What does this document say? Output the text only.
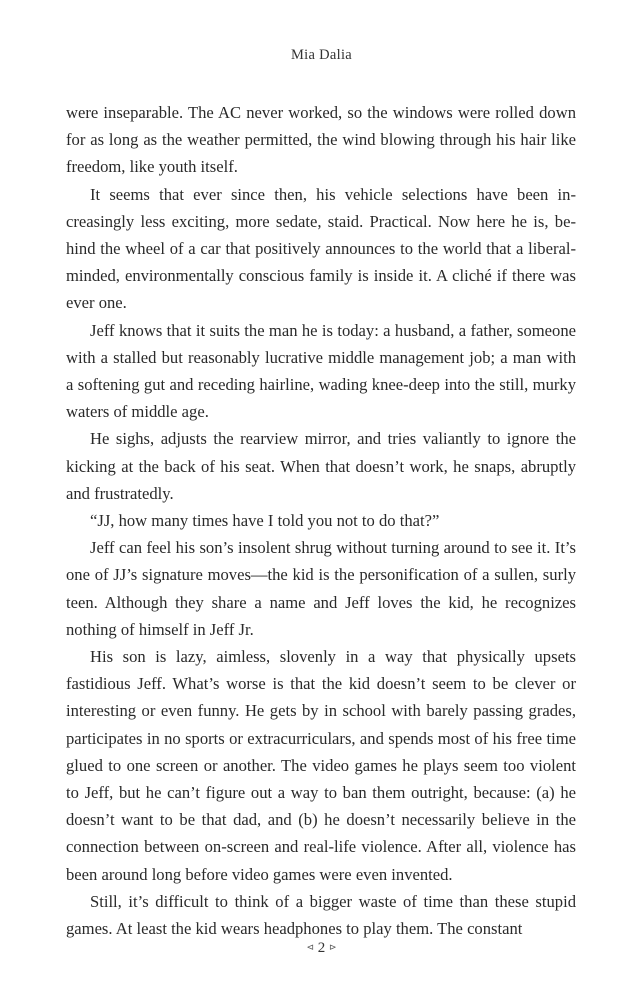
Mia Dalia

were inseparable. The AC never worked, so the windows were rolled down for as long as the weather permitted, the wind blowing through his hair like freedom, like youth itself.

It seems that ever since then, his vehicle selections have been increasingly less exciting, more sedate, staid. Practical. Now here he is, behind the wheel of a car that positively announces to the world that a liberal-minded, environmentally conscious family is inside it. A cliché if there was ever one.

Jeff knows that it suits the man he is today: a husband, a father, someone with a stalled but reasonably lucrative middle management job; a man with a softening gut and receding hairline, wading knee-deep into the still, murky waters of middle age.

He sighs, adjusts the rearview mirror, and tries valiantly to ignore the kicking at the back of his seat. When that doesn’t work, he snaps, abruptly and frustratedly.

“JJ, how many times have I told you not to do that?”

Jeff can feel his son’s insolent shrug without turning around to see it. It’s one of JJ’s signature moves—the kid is the personification of a sullen, surly teen. Although they share a name and Jeff loves the kid, he recognizes nothing of himself in Jeff Jr.

His son is lazy, aimless, slovenly in a way that physically upsets fastidious Jeff. What’s worse is that the kid doesn’t seem to be clever or interesting or even funny. He gets by in school with barely passing grades, participates in no sports or extracurriculars, and spends most of his free time glued to one screen or another. The video games he plays seem too violent to Jeff, but he can’t figure out a way to ban them outright, because: (a) he doesn’t want to be that dad, and (b) he doesn’t necessarily believe in the connection between on-screen and real-life violence. After all, violence has been around long before video games were even invented.

Still, it’s difficult to think of a bigger waste of time than these stupid games. At least the kid wears headphones to play them. The constant

⊲ 2 ⊳
